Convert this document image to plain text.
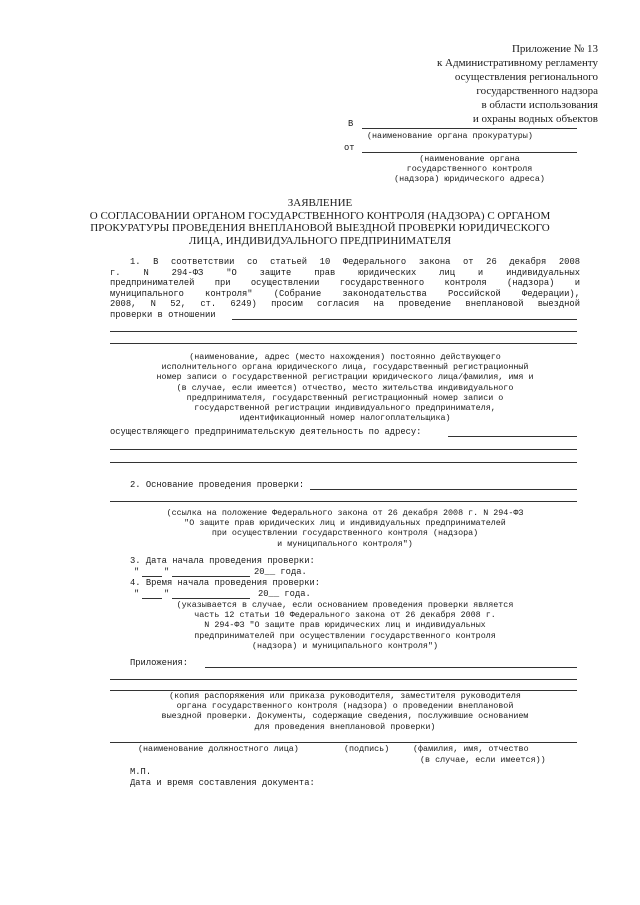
Приложение № 13
к Административному регламенту
осуществления регионального
государственного надзора
в области использования
и охраны водных объектов
В
(наименование органа прокуратуры)
от
(наименование органа
государственного контроля
(надзора) юридического адреса)
ЗАЯВЛЕНИЕ
О СОГЛАСОВАНИИ ОРГАНОМ ГОСУДАРСТВЕННОГО КОНТРОЛЯ (НАДЗОРА) С ОРГАНОМ
ПРОКУРАТУРЫ ПРОВЕДЕНИЯ ВНЕПЛАНОВОЙ ВЫЕЗДНОЙ ПРОВЕРКИ ЮРИДИЧЕСКОГО
ЛИЦА, ИНДИВИДУАЛЬНОГО ПРЕДПРИНИМАТЕЛЯ
1. В соответствии со статьей 10 Федерального закона от 26 декабря 2008
г. N 294-ФЗ "О защите прав юридических лиц и индивидуальных
предпринимателей при осуществлении государственного контроля (надзора) и
муниципального контроля" (Собрание законодательства Российской Федерации),
2008, N 52, ст. 6249) просим согласия на проведение внеплановой выездной
проверки в отношении
(наименование, адрес (место нахождения) постоянно действующего
исполнительного органа юридического лица, государственный регистрационный
номер записи о государственной регистрации юридического лица/фамилия, имя и
(в случае, если имеется) отчество, место жительства индивидуального
предпринимателя, государственный регистрационный номер записи о
государственной регистрации индивидуального предпринимателя,
идентификационный номер налогоплательщика)
осуществляющего предпринимательскую деятельность по адресу:
2. Основание проведения проверки:
(ссылка на положение Федерального закона от 26 декабря 2008 г. N 294-ФЗ
"О защите прав юридических лиц и индивидуальных предпринимателей
при осуществлении государственного контроля (надзора)
и муниципального контроля")
3. Дата начала проведения проверки:
"	"	20__ года.
4. Время начала проведения проверки:
"	"	20__ года.
(указывается в случае, если основанием проведения проверки является
часть 12 статьи 10 Федерального закона от 26 декабря 2008 г.
N 294-ФЗ "О защите прав юридических лиц и индивидуальных
предпринимателей при осуществлении государственного контроля
(надзора) и муниципального контроля")
Приложения:
(копия распоряжения или приказа руководителя, заместителя руководителя
органа государственного контроля (надзора) о проведении внеплановой
выездной проверки. Документы, содержащие сведения, послужившие основанием
для проведения внеплановой проверки)
(наименование должностного лица)	(подпись)	(фамилия, имя, отчество
(в случае, если имеется))
М.П.
Дата и время составления документа:
